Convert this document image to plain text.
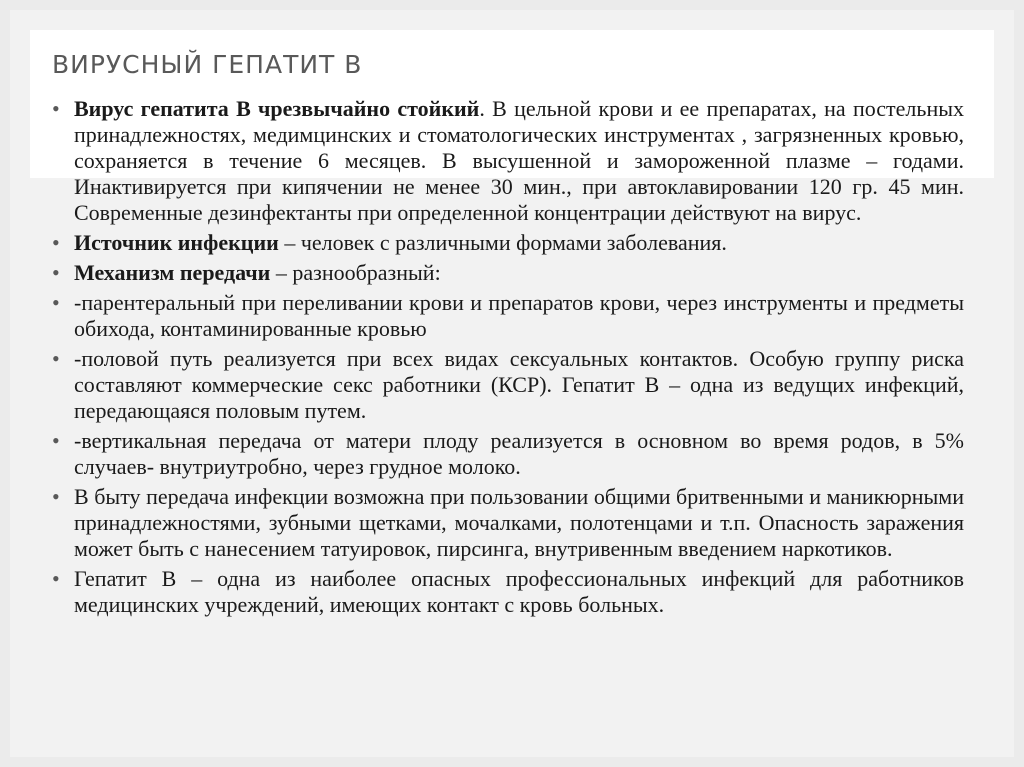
ВИРУСНЫЙ ГЕПАТИТ В
• Вирус гепатита В чрезвычайно стойкий. В цельной крови и ее препаратах, на постельных принадлежностях, медимцинских и стоматологических инструментах , загрязненных кровью, сохраняется в течение 6 месяцев. В высушенной и замороженной плазме – годами. Инактивируется при кипячении не менее 30 мин., при автоклавировании 120 гр. 45 мин. Современные дезинфектанты при определенной концентрации действуют на вирус.
• Источник инфекции – человек с различными формами заболевания.
• Механизм передачи – разнообразный:
• -парентеральный при переливании крови и препаратов крови, через инструменты и предметы обихода, контаминированные кровью
• -половой путь реализуется при всех видах сексуальных контактов. Особую группу риска составляют коммерческие секс работники (КСР). Гепатит В – одна из ведущих инфекций, передающаяся половым путем.
• -вертикальная передача от матери плоду реализуется в основном во время родов, в 5% случаев- внутриутробно, через грудное молоко.
• В быту передача инфекции возможна при пользовании общими бритвенными и маникюрными принадлежностями, зубными щетками, мочалками, полотенцами и т.п. Опасность заражения может быть с нанесением татуировок, пирсинга, внутривенным введением наркотиков.
• Гепатит В – одна из наиболее опасных профессиональных инфекций для работников медицинских учреждений, имеющих контакт с кровь больных.
